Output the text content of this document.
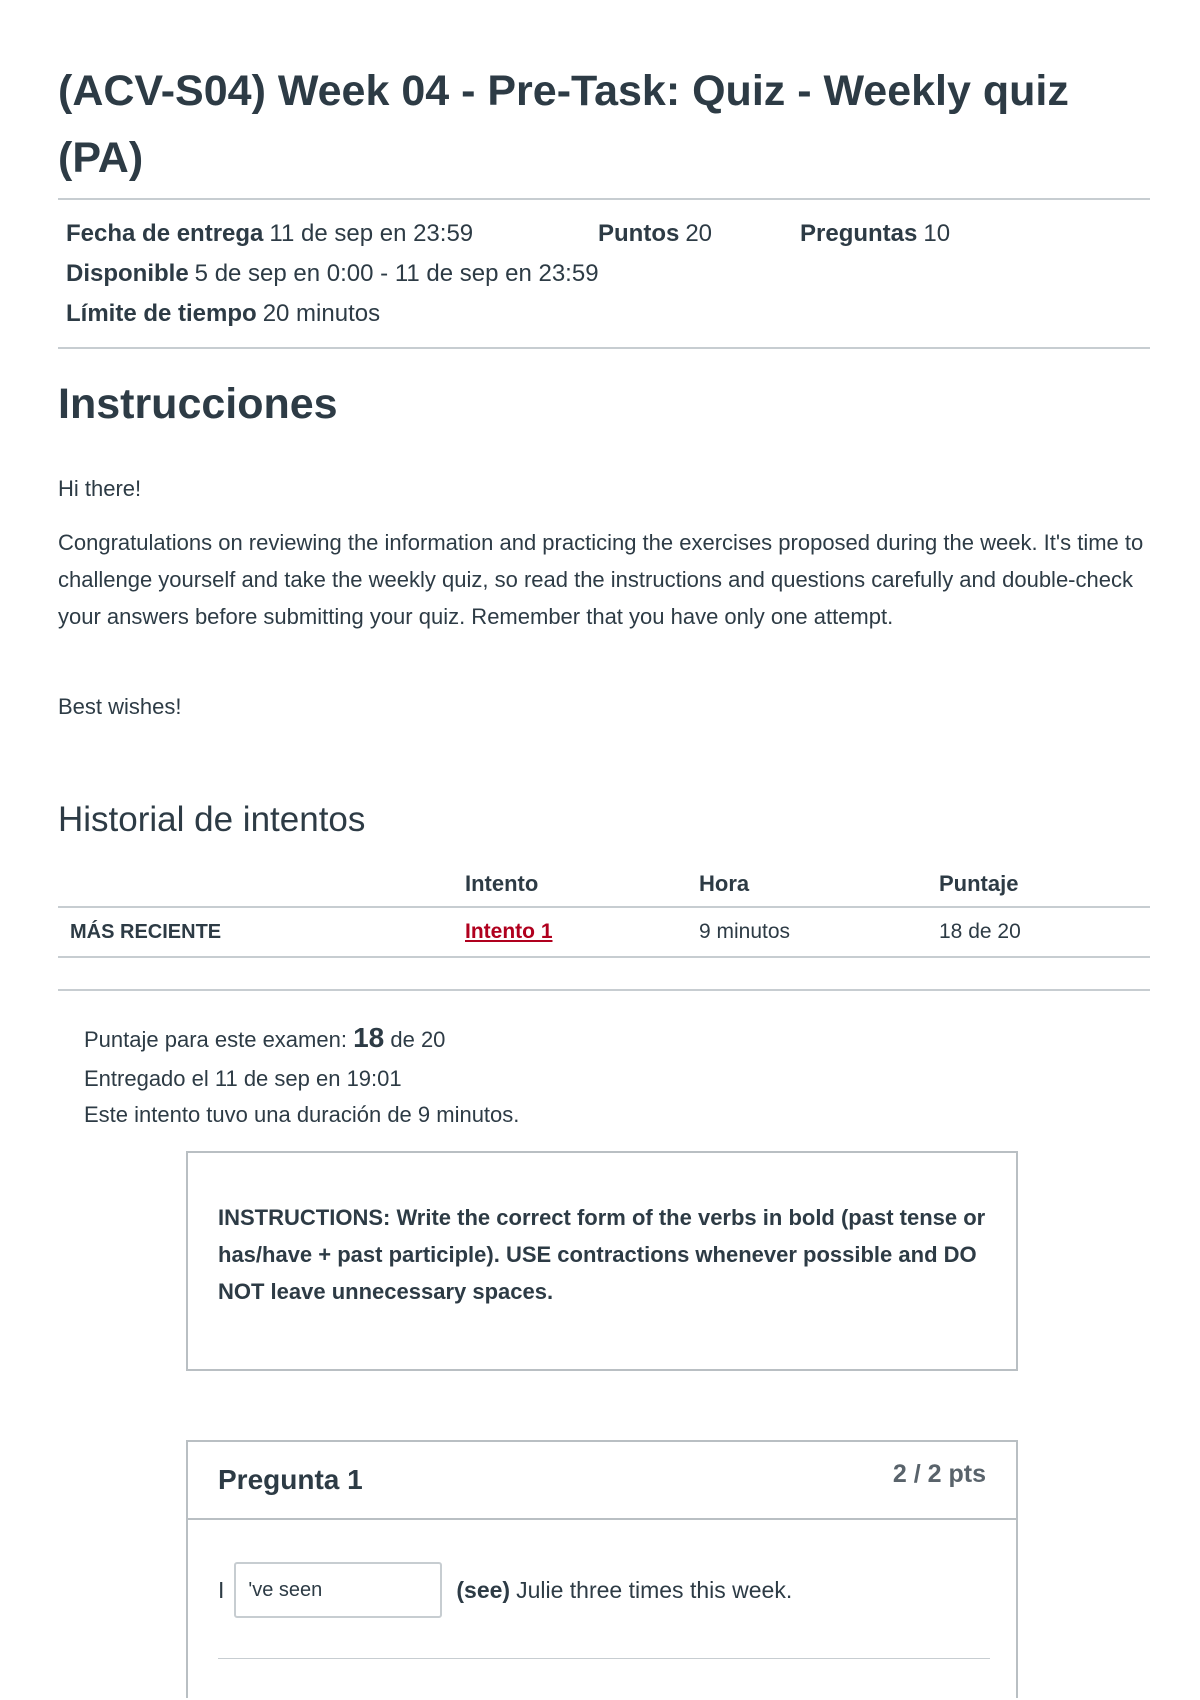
(ACV-S04) Week 04 - Pre-Task: Quiz - Weekly quiz (PA)
Fecha de entrega 11 de sep en 23:59	Puntos 20	Preguntas 10
Disponible 5 de sep en 0:00 - 11 de sep en 23:59
Límite de tiempo 20 minutos
Instrucciones

Hi there!

Congratulations on reviewing the information and practicing the exercises proposed during the week. It's time to challenge yourself and take the weekly quiz, so read the instructions and questions carefully and double-check your answers before submitting your quiz. Remember that you have only one attempt.

Best wishes!

Historial de intentos
	Intento	Hora	Puntaje
MÁS RECIENTE	Intento 1	9 minutos	18 de 20
Puntaje para este examen: 18 de 20
Entregado el 11 de sep en 19:01
Este intento tuvo una duración de 9 minutos.
INSTRUCTIONS: Write the correct form of the verbs in bold (past tense or has/have + past participle). USE contractions whenever possible and DO NOT leave unnecessary spaces.
Pregunta 1	2 / 2 pts
I
've seen	(see) Julie three times this week.
